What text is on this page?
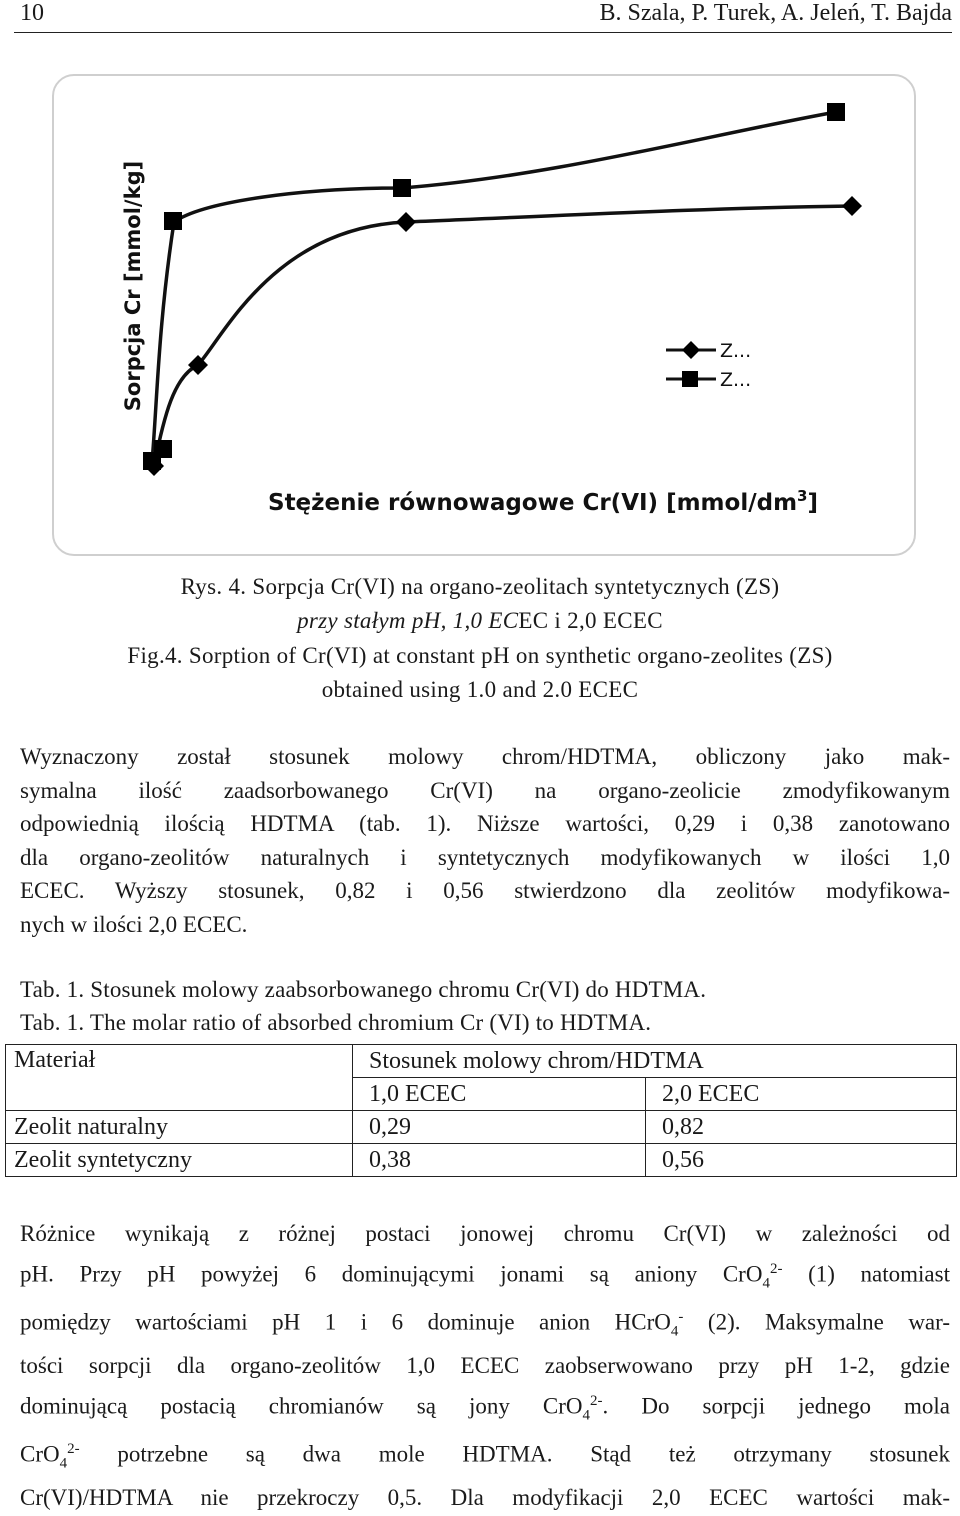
10	B. Szala, P. Turek, A. Jeleń, T. Bajda
Sorpcja Cr [mmol/kg]	Z...
Z...
Stężenie równowagowe Cr(VI) $[mmol/dm^3]$
Rys. 4. Sorpcja Cr(VI) na organo-zeolitach syntetycznych (ZS)
przy stałym pH, 1,0 ECEC i 2,0 ECEC
Fig.4. Sorption of Cr(VI) at constant pH on synthetic organo-zeolites (ZS)
obtained using 1.0 and 2.0 ECEC

Wyznaczony został stosunek molowy chrom/HDTMA, obliczony jako mak-
symalna ilość zaadsorbowanego Cr(VI) na organo-zeolicie zmodyfikowanym
odpowiednią ilością HDTMA (tab. 1). Niższe wartości, 0,29 i 0,38 zanotowano
dla organo-zeolitów naturalnych i syntetycznych modyfikowanych w ilości 1,0
ECEC. Wyższy stosunek, 0,82 i 0,56 stwierdzono dla zeolitów modyfikowa-
nych w ilości 2,0 ECEC.

Tab. 1. Stosunek molowy zaabsorbowanego chromu Cr(VI) do HDTMA.
Tab. 1. The molar ratio of absorbed chromium Cr (VI) to HDTMA.
Materiał	Stosunek molowy chrom/HDTMA	
	1,0 ECEC	2,0 ECEC
Zeolit naturalny	0,29	0,82
Zeolit syntetyczny	0,38	0,56

Różnice wynikają z różnej postaci jonowej chromu Cr(VI) w zależności od
pH. Przy pH powyżej 6 dominującymi jonami są aniony CrO$_4^{2-}$ (1) natomiast
pomiędzy wartościami pH 1 i 6 dominuje anion HCrO$_4$- (2). Maksymalne war-
tości sorpcji dla organo-zeolitów 1,0 ECEC zaobserwowano przy pH 1-2, gdzie
dominującą postacią chromianów są jony CrO$_4^{2-}$. Do sorpcji jednego mola
CrO$_4^{2-}$ potrzebne są dwa mole HDTMA. Stąd też otrzymany stosunek
Cr(VI)/HDTMA nie przekroczy 0,5. Dla modyfikacji 2,0 ECEC wartości mak-
